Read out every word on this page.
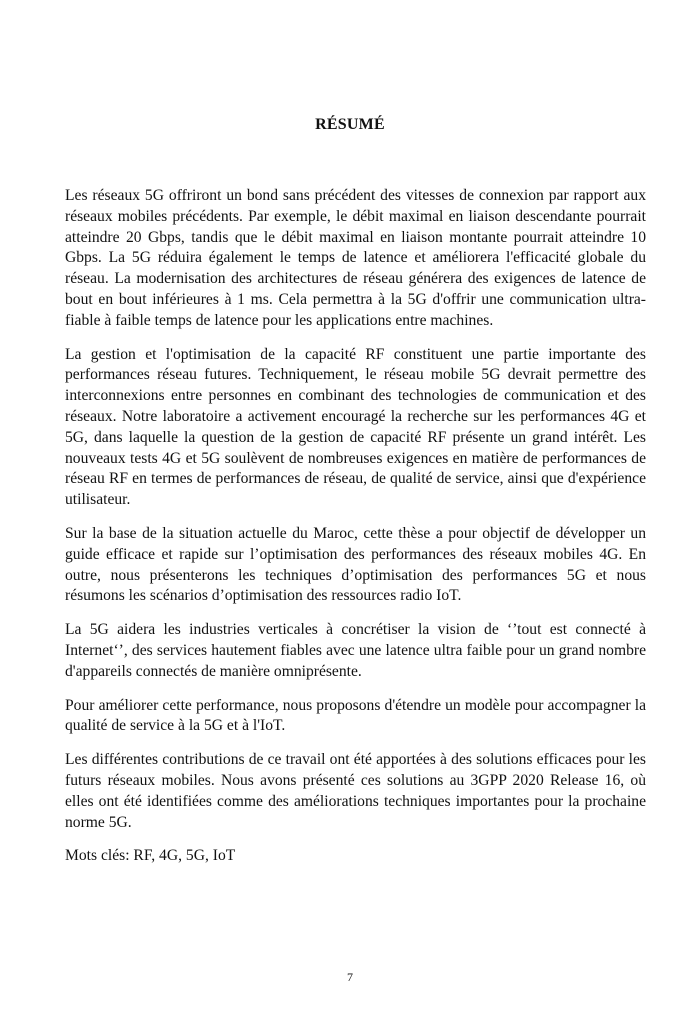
RÉSUMÉ

Les réseaux 5G offriront un bond sans précédent des vitesses de connexion par rapport aux réseaux mobiles précédents. Par exemple, le débit maximal en liaison descendante pourrait atteindre 20 Gbps, tandis que le débit maximal en liaison montante pourrait atteindre 10 Gbps. La 5G réduira également le temps de latence et améliorera l'efficacité globale du réseau. La modernisation des architectures de réseau générera des exigences de latence de bout en bout inférieures à 1 ms. Cela permettra à la 5G d'offrir une communication ultra-fiable à faible temps de latence pour les applications entre machines.

La gestion et l'optimisation de la capacité RF constituent une partie importante des performances réseau futures. Techniquement, le réseau mobile 5G devrait permettre des interconnexions entre personnes en combinant des technologies de communication et des réseaux. Notre laboratoire a activement encouragé la recherche sur les performances 4G et 5G, dans laquelle la question de la gestion de capacité RF présente un grand intérêt. Les nouveaux tests 4G et 5G soulèvent de nombreuses exigences en matière de performances de réseau RF en termes de performances de réseau, de qualité de service, ainsi que d'expérience utilisateur.

Sur la base de la situation actuelle du Maroc, cette thèse a pour objectif de développer un guide efficace et rapide sur l’optimisation des performances des réseaux mobiles 4G. En outre, nous présenterons les techniques d’optimisation des performances 5G et nous résumons les scénarios d’optimisation des ressources radio IoT.

La 5G aidera les industries verticales à concrétiser la vision de ‘’tout est connecté à Internet‘’, des services hautement fiables avec une latence ultra faible pour un grand nombre d'appareils connectés de manière omniprésente.

Pour améliorer cette performance, nous proposons d'étendre un modèle pour accompagner la qualité de service à la 5G et à l'IoT.

Les différentes contributions de ce travail ont été apportées à des solutions efficaces pour les futurs réseaux mobiles. Nous avons présenté ces solutions au 3GPP 2020 Release 16, où elles ont été identifiées comme des améliorations techniques importantes pour la prochaine norme 5G.

Mots clés: RF, 4G, 5G, IoT

7
